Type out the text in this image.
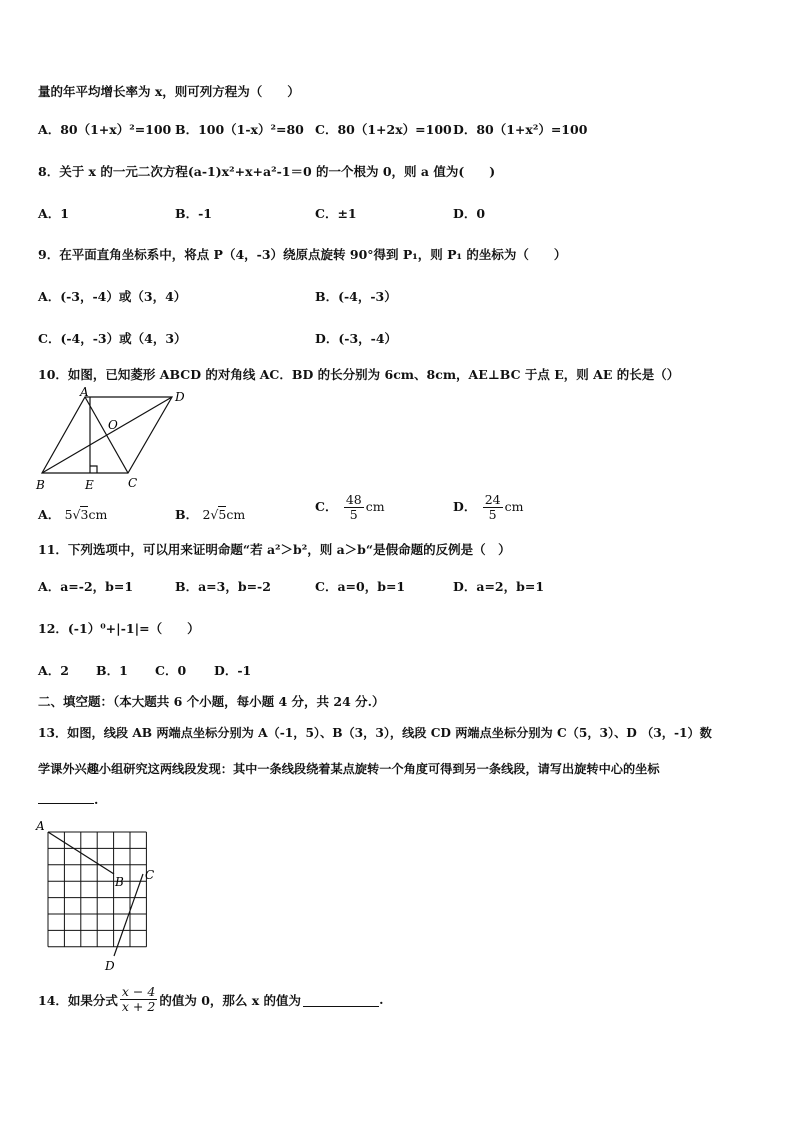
量的年平均增长率为 x，则可列方程为（　　）
A．80（1+x）²=100 B．100（1-x）²=80 C．80（1+2x）=100 D．80（1+x²）=100
8．关于 x 的一元二次方程(a-1)x²+x+a²-1＝0 的一个根为 0，则 a 值为(　　)
A．1	B．-1	C．±1	D．0
9．在平面直角坐标系中，将点 P（4，-3）绕原点旋转 90°得到 P₁，则 P₁ 的坐标为（　　）
A．(-3，-4）或（3，4）	B．(-4，-3）
C．(-4，-3）或（4，3）	D．(-3，-4）
10．如图，已知菱形 ABCD 的对角线 AC．BD 的长分别为 6cm、8cm，AE⊥BC 于点 E，则 AE 的长是（）
A	D
O
B	E	C
A． 5√3cm	B． 2√5cm
C． $\frac{48}{5}$ cm	D． $\frac{24}{5}$ cm
11．下列选项中，可以用来证明命题“若 a²＞b²，则 a＞b“是假命题的反例是（　）
A．a=-2，b=1	B．a=3，b=-2	C．a=0，b=1	D．a=2，b=1
12．(-1）⁰+|-1|=（　　）
A．2 B．1 C．0 D．-1
二、填空题：（本大题共 6 个小题，每小题 4 分，共 24 分.）
13．如图，线段 AB 两端点坐标分别为 A（-1，5）、B（3，3），线段 CD 两端点坐标分别为 C（5，3）、D （3，-1）数
学课外兴趣小组研究这两线段发现：其中一条线段绕着某点旋转一个角度可得到另一条线段，请写出旋转中心的坐标
.
A
B C
D
14．如果分式 $\frac{x - 4}{x + 2}$ 的值为 0，那么 x 的值为	.
